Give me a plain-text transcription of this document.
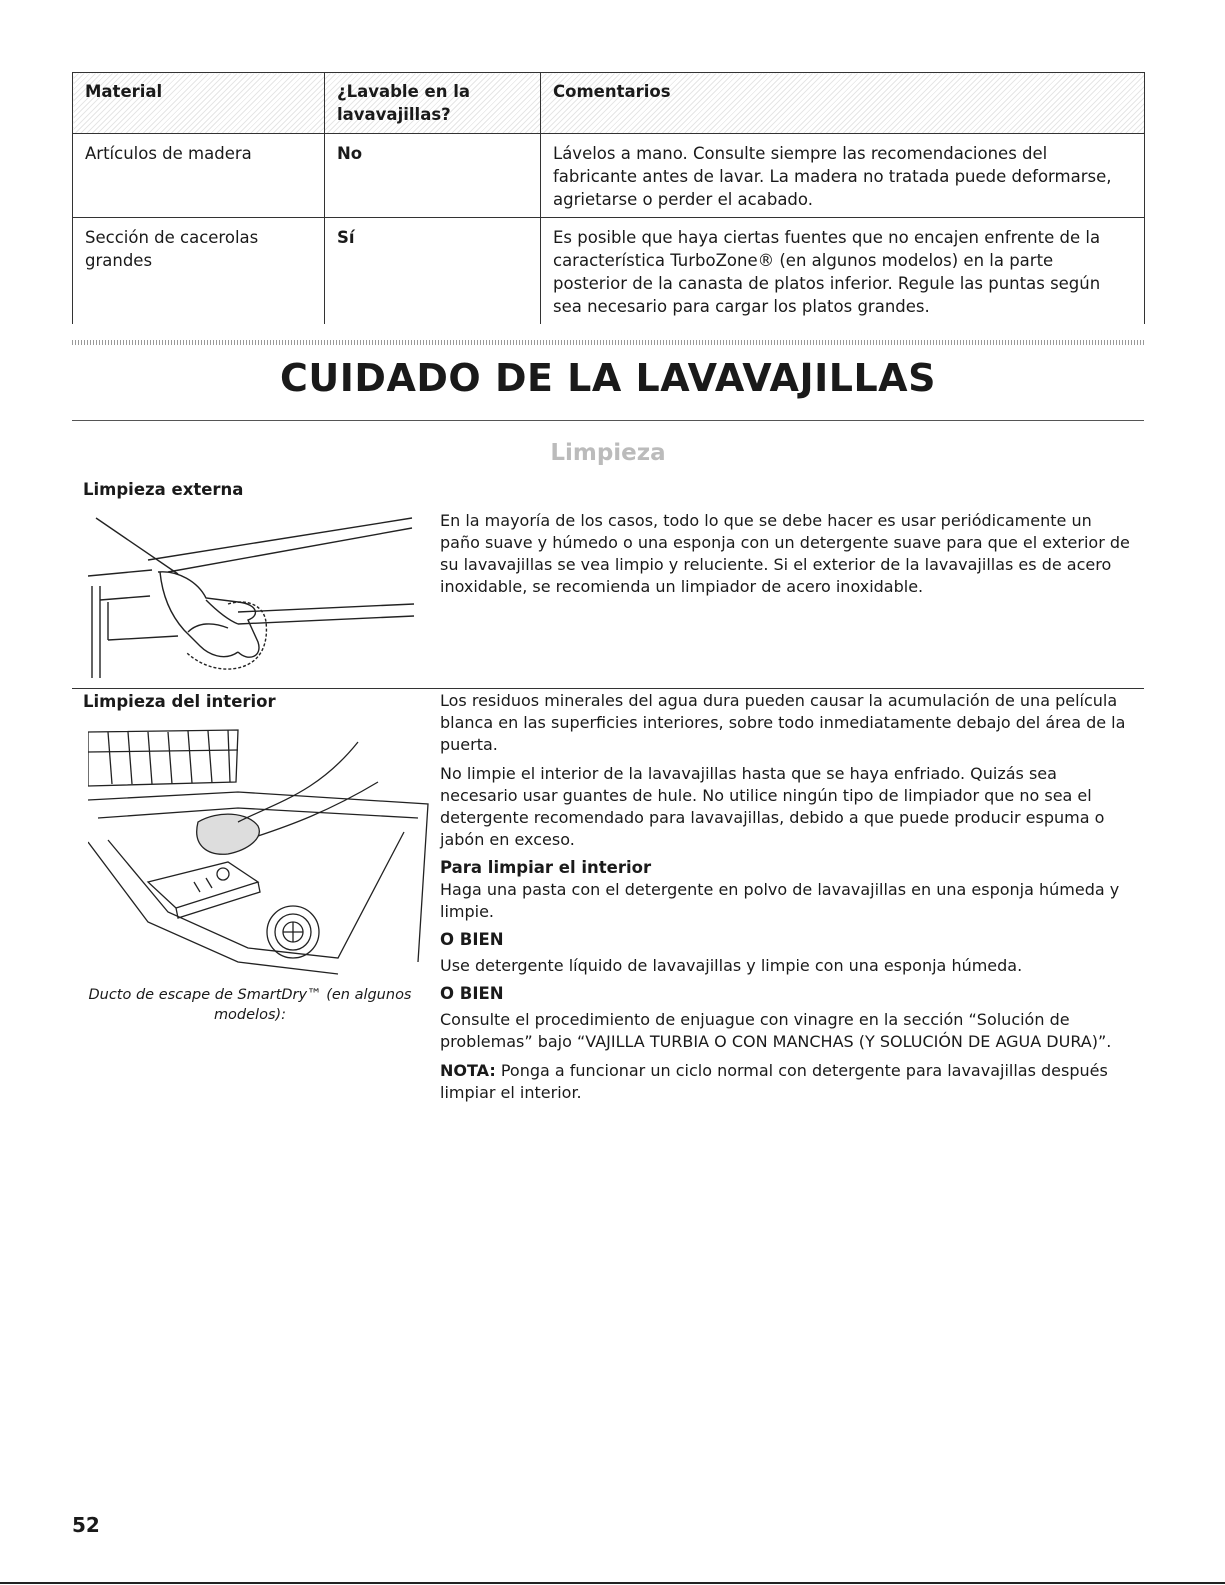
Material	¿Lavable en la lavavajillas?	Comentarios
Artículos de madera	No	Lávelos a mano. Consulte siempre las recomendaciones del fabricante antes de lavar. La madera no tratada puede deformarse, agrietarse o perder el acabado.
Sección de cacerolas grandes	Sí	Es posible que haya ciertas fuentes que no encajen enfrente de la característica TurboZone® (en algunos modelos) en la parte posterior de la canasta de platos inferior. Regule las puntas según sea necesario para cargar los platos grandes.
CUIDADO DE LA LAVAVAJILLAS
Limpieza

Limpieza externa

En la mayoría de los casos, todo lo que se debe hacer es usar periódicamente un paño suave y húmedo o una esponja con un detergente suave para que el exterior de su lavavajillas se vea limpio y reluciente. Si el exterior de la lavavajillas es de acero inoxidable, se recomienda un limpiador de acero inoxidable.

Limpieza del interior

Ducto de escape de SmartDry™ (en algunos modelos):

Los residuos minerales del agua dura pueden causar la acumulación de una película blanca en las superficies interiores, sobre todo inmediatamente debajo del área de la puerta.

No limpie el interior de la lavavajillas hasta que se haya enfriado. Quizás sea necesario usar guantes de hule. No utilice ningún tipo de limpiador que no sea el detergente recomendado para lavavajillas, debido a que puede producir espuma o jabón en exceso.

Para limpiar el interior

Haga una pasta con el detergente en polvo de lavavajillas en una esponja húmeda y limpie.

O BIEN

Use detergente líquido de lavavajillas y limpie con una esponja húmeda.

O BIEN

Consulte el procedimiento de enjuague con vinagre en la sección “Solución de problemas” bajo “VAJILLA TURBIA O CON MANCHAS (Y SOLUCIÓN DE AGUA DURA)”.

NOTA: Ponga a funcionar un ciclo normal con detergente para lavavajillas después limpiar el interior.

52
